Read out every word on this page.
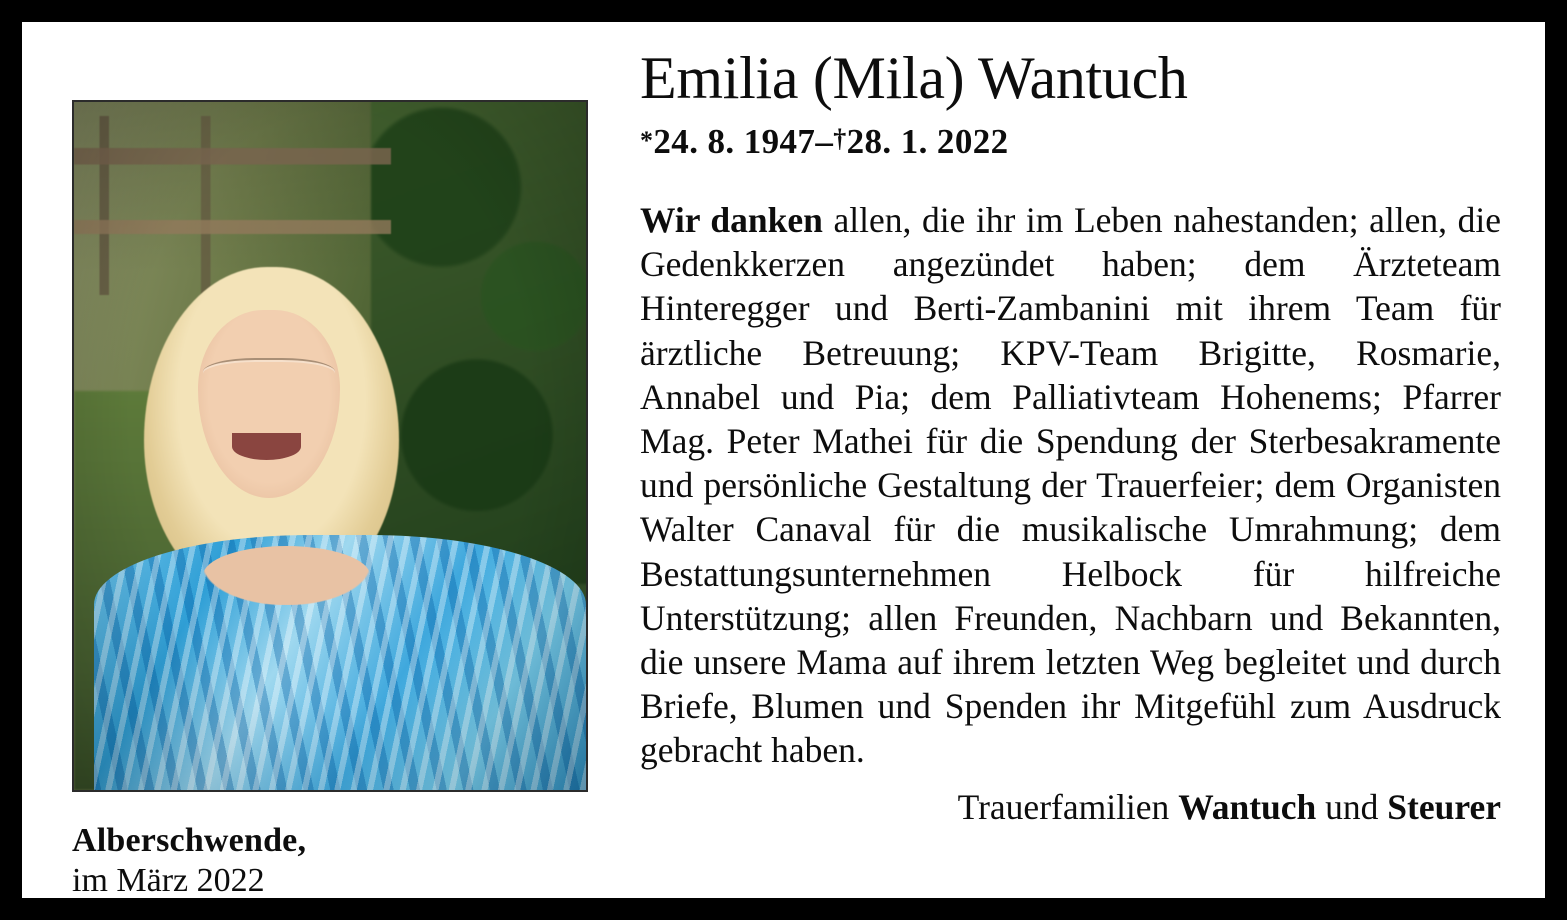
Alberschwende,
im März 2022
Emilia (Mila) Wantuch
*24. 8. 1947–†28. 1. 2022
Wir danken allen, die ihr im Leben nahestanden; allen, die Gedenkkerzen angezündet haben; dem Ärzteteam Hinteregger und Berti-Zambanini mit ihrem Team für ärztliche Betreuung; KPV-Team Brigitte, Rosmarie, Annabel und Pia; dem Palliativteam Hohenems; Pfarrer Mag. Peter Mathei für die Spendung der Sterbesakramente und persönliche Gestaltung der Trauerfeier; dem Organisten Walter Canaval für die musikalische Umrahmung; dem Bestattungsunternehmen Helbock für hilfreiche Unterstützung; allen Freunden, Nachbarn und Bekannten, die unsere Mama auf ihrem letzten Weg begleitet und durch Briefe, Blumen und Spenden ihr Mitgefühl zum Ausdruck gebracht haben.
Trauerfamilien Wantuch und Steurer
